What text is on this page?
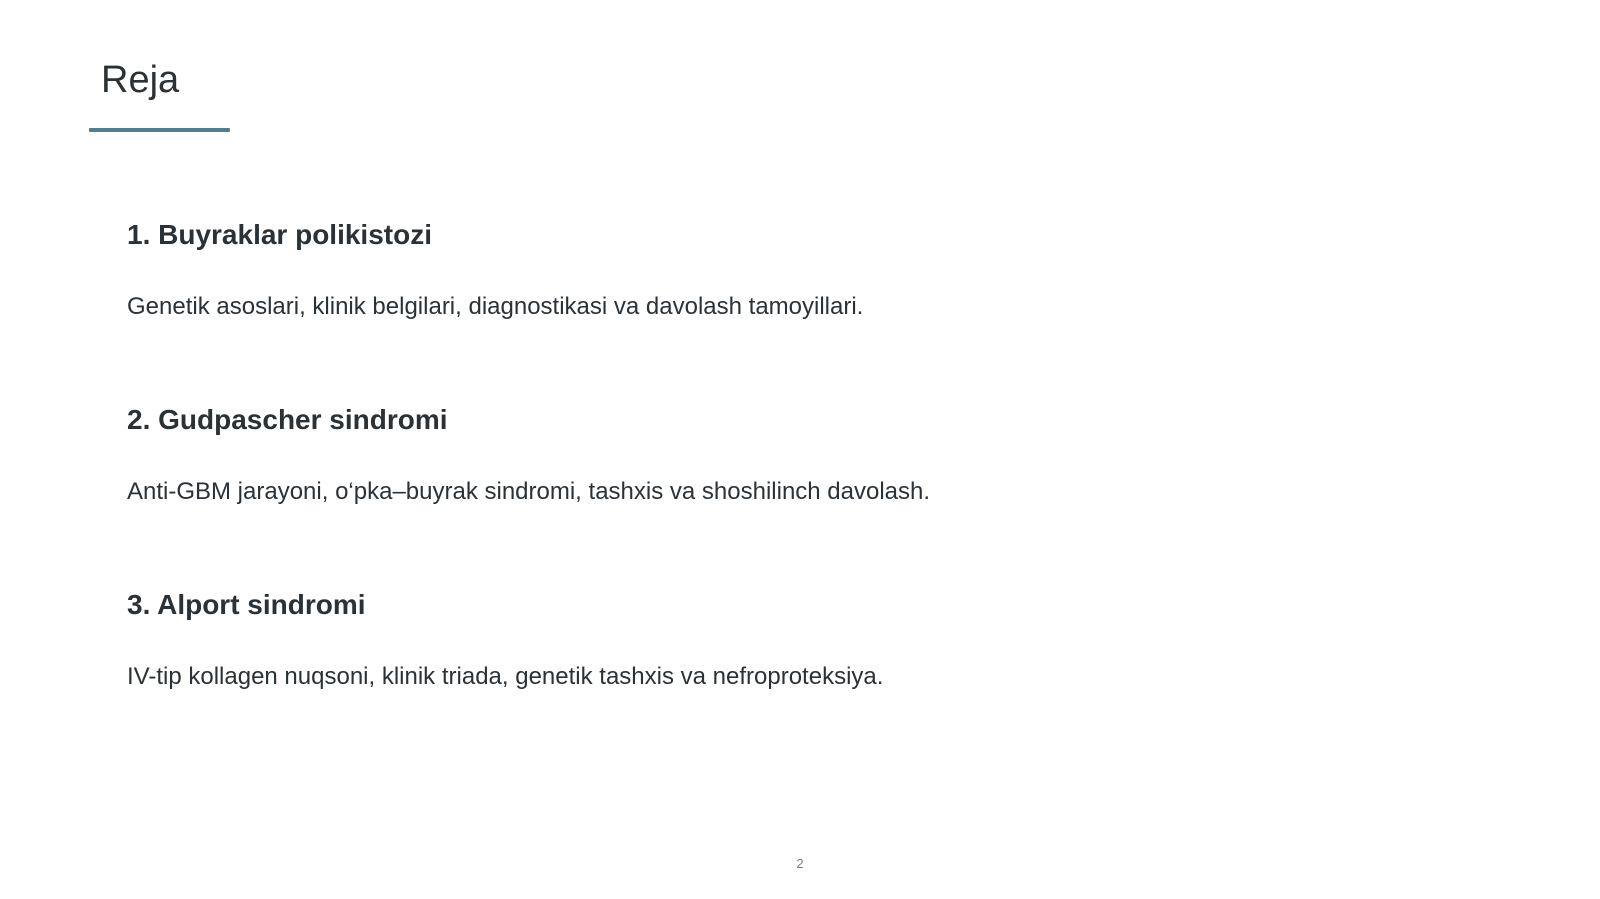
Reja
1. Buyraklar polikistozi

Genetik asoslari, klinik belgilari, diagnostikasi va davolash tamoyillari.

2. Gudpascher sindromi

Anti-GBM jarayoni, o‘pka–buyrak sindromi, tashxis va shoshilinch davolash.

3. Alport sindromi

IV-tip kollagen nuqsoni, klinik triada, genetik tashxis va nefroproteksiya.

2
